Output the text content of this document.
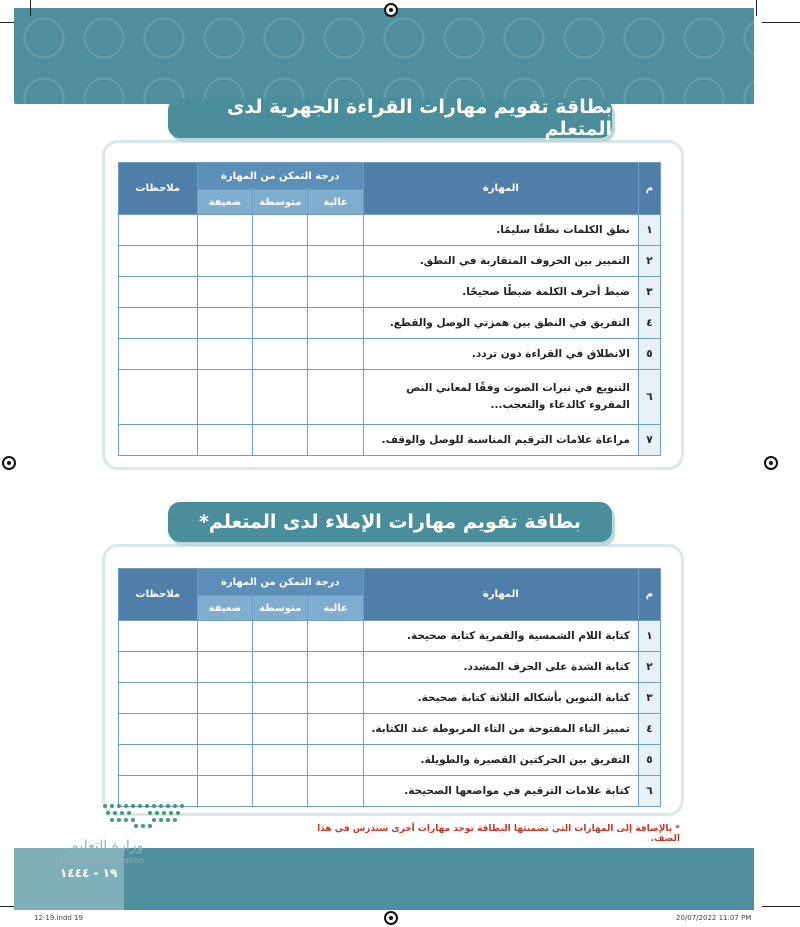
بطاقة تقويم مهارات القراءة الجهرية لدى المتعلم
م	المهارة	درجة التمكن من المهارة			ملاحظات
		عالية	متوسطة	ضعيفة	
١	نطق الكلمات نطقًا سليمًا.				
٢	التمييز بين الحروف المتقاربة في النطق.				
٣	ضبط أحرف الكلمة ضبطًا صحيحًا.				
٤	التفريق في النطق بين همزتي الوصل والقطع.				
٥	الانطلاق في القراءة دون تردد.				
٦	التنويع في نبرات الصوت وفقًا لمعاني النص المقروء كالدعاء والتعجب...				
٧	مراعاة علامات الترقيم المناسبة للوصل والوقف.				
بطاقة تقويم مهارات الإملاء لدى المتعلم*
م	المهارة	درجة التمكن من المهارة			ملاحظات
		عالية	متوسطة	ضعيفة	
١	كتابة اللام الشمسية والقمرية كتابة صحيحة.				
٢	كتابة الشدة على الحرف المشدد.				
٣	كتابة التنوين بأشكاله الثلاثة كتابة صحيحة.				
٤	تمييز التاء المفتوحة من التاء المربوطة عند الكتابة.				
٥	التفريق بين الحركتين القصيرة والطويلة.				
٦	كتابة علامات الترقيم في مواضعها الصحيحة.				
* بالإضافة إلى المهارات التي تضمنتها البطاقة توجد مهارات أخرى ستدرس في هذا الصف.
وزارة التعليم
Ministry of Education
١٩ - ١٤٤٤
12-19.indd 19	20/07/2022 11:07 PM
